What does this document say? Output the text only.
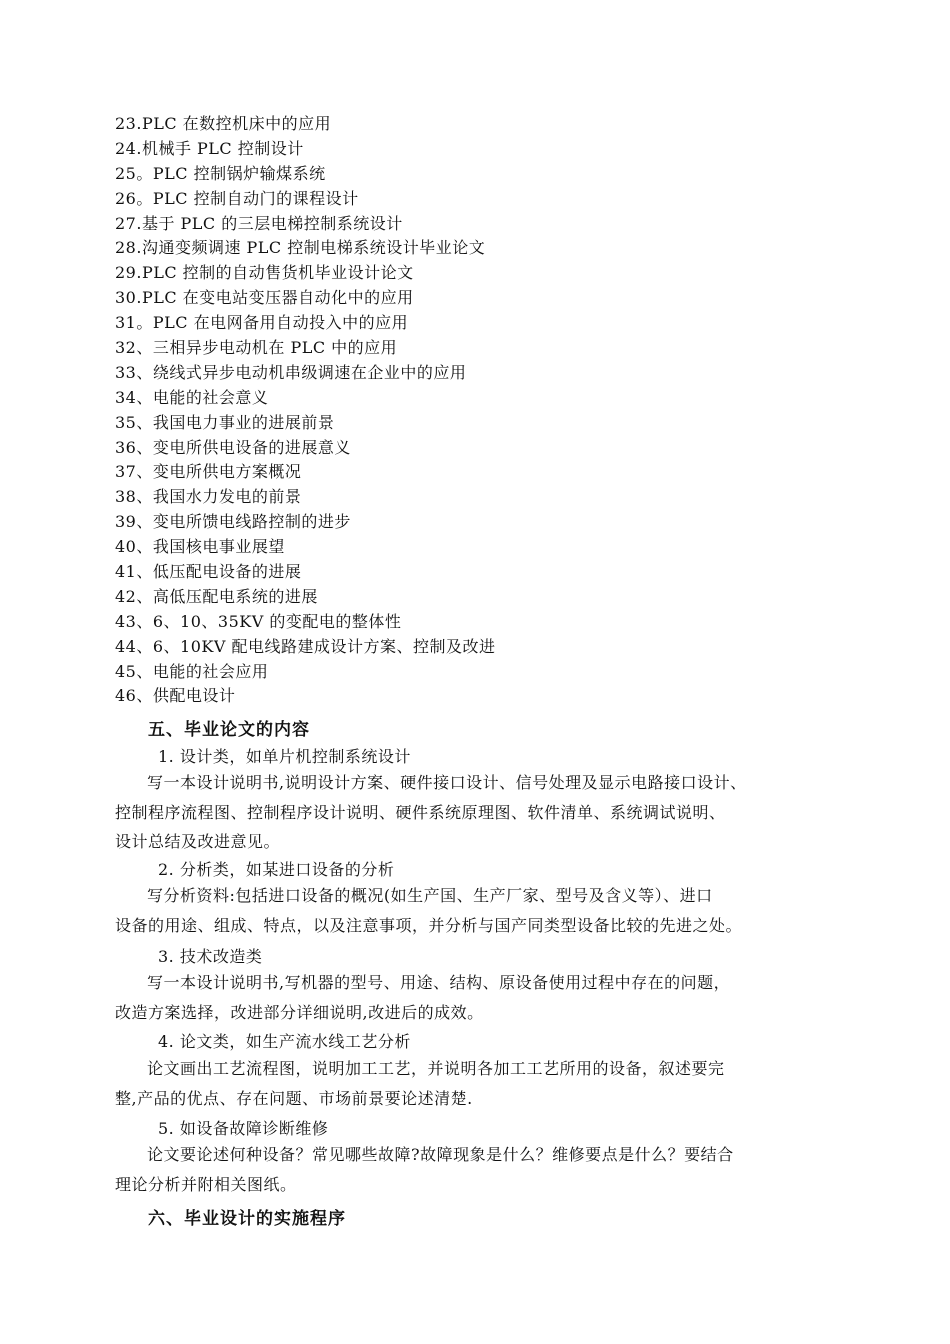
23.PLC 在数控机床中的应用
24.机械手 PLC 控制设计
25。PLC 控制锅炉输煤系统
26。PLC 控制自动门的课程设计
27.基于 PLC 的三层电梯控制系统设计
28.沟通变频调速 PLC 控制电梯系统设计毕业论文
29.PLC 控制的自动售货机毕业设计论文
30.PLC 在变电站变压器自动化中的应用
31。PLC 在电网备用自动投入中的应用
32、三相异步电动机在 PLC 中的应用
33、绕线式异步电动机串级调速在企业中的应用
34、电能的社会意义
35、我国电力事业的进展前景
36、变电所供电设备的进展意义
37、变电所供电方案概况
38、我国水力发电的前景
39、变电所馈电线路控制的进步
40、我国核电事业展望
41、低压配电设备的进展
42、高低压配电系统的进展
43、6、10、35KV 的变配电的整体性
44、6、10KV 配电线路建成设计方案、控制及改进
45、电能的社会应用
46、供配电设计
五、毕业论文的内容
1. 设计类，如单片机控制系统设计
写一本设计说明书,说明设计方案、硬件接口设计、信号处理及显示电路接口设计、
控制程序流程图、控制程序设计说明、硬件系统原理图、软件清单、系统调试说明、
设计总结及改进意见。
2. 分析类，如某进口设备的分析
写分析资料:包括进口设备的概况(如生产国、生产厂家、型号及含义等）、进口
设备的用途、组成、特点，以及注意事项，并分析与国产同类型设备比较的先进之处。
3. 技术改造类
写一本设计说明书,写机器的型号、用途、结构、原设备使用过程中存在的问题，
改造方案选择，改进部分详细说明,改进后的成效。
4. 论文类，如生产流水线工艺分析
论文画出工艺流程图，说明加工工艺，并说明各加工工艺所用的设备，叙述要完
整,产品的优点、存在问题、市场前景要论述清楚.
5. 如设备故障诊断维修
论文要论述何种设备？常见哪些故障?故障现象是什么？维修要点是什么？要结合
理论分析并附相关图纸。
六、毕业设计的实施程序
